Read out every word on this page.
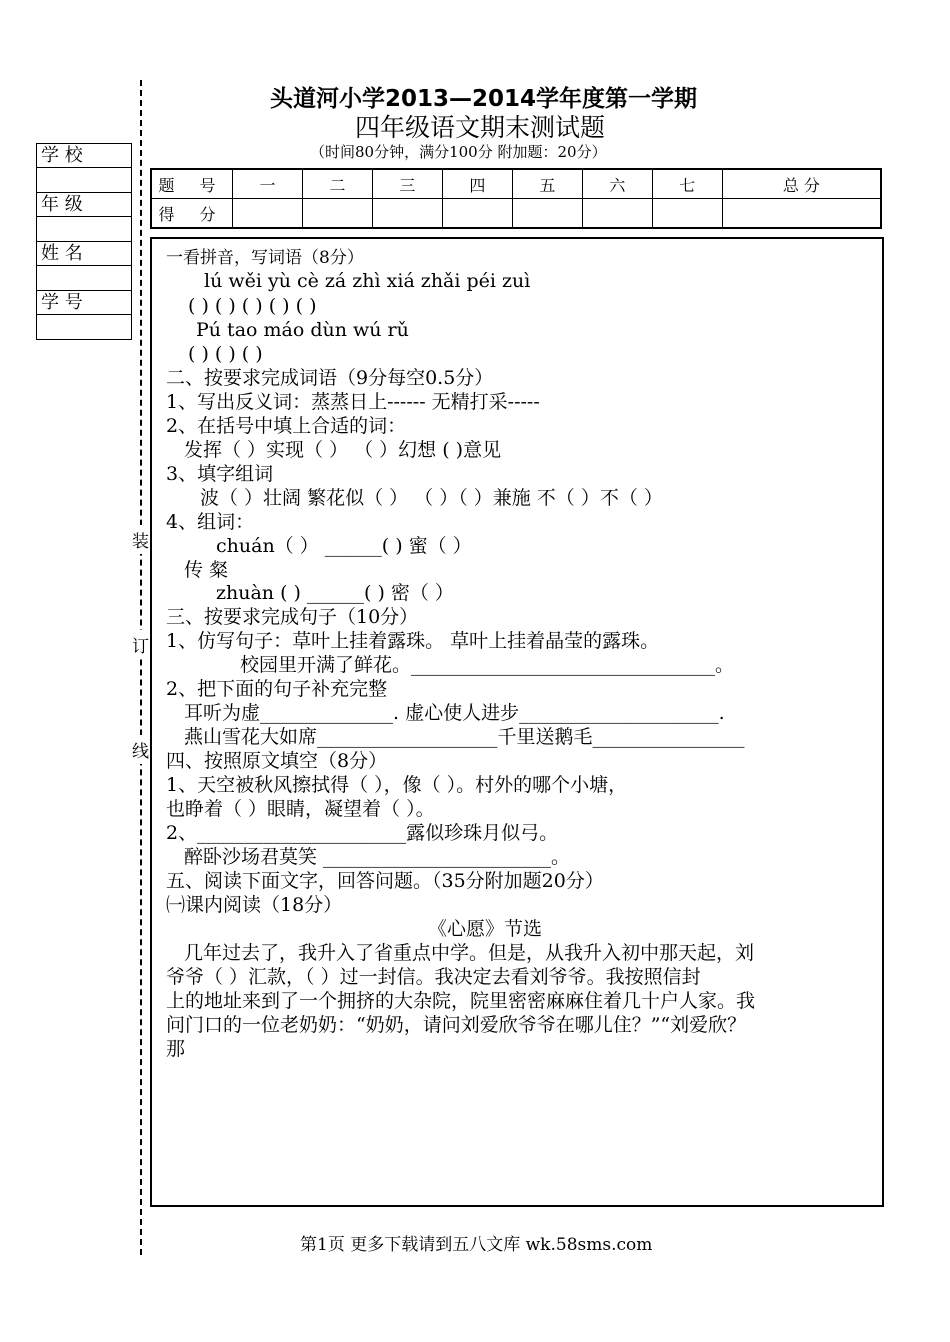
头道河小学2013—2014学年度第一学期
四年级语文期末测试题
（时间80分钟，满分100分 附加题：20分）
学 校
年 级
姓 名
学 号
装
订
线
题 号	一	二	三	四	五	六	七	总 分
得 分								
一看拼音，写词语（8分）
lú wěi yù cè zá zhì xiá zhǎi péi zuì
( ) ( ) ( ) ( ) ( )
Pú tao máo dùn wú rǔ
( ) ( ) ( )
二、按要求完成词语（9分每空0.5分）
1、写出反义词：蒸蒸日上------ 无精打采-----
2、在括号中填上合适的词：
发挥（ ）实现（ ） （ ）幻想 ( )意见
3、填字组词
波（ ）壮阔 繁花似（ ） （ ）（ ）兼施 不（ ）不（ ）
4、组词：
chuán（ ） ______( ) 蜜（ ）
传 粲
zhuàn ( ) ______( ) 密（ ）
三、按要求完成句子（10分）
1、仿写句子：草叶上挂着露珠。 草叶上挂着晶莹的露珠。
校园里开满了鲜花。________________________________。
2、把下面的句子补充完整
耳听为虚______________. 虚心使人进步_____________________.
燕山雪花大如席___________________千里送鹅毛________________
四、按照原文填空（8分）
1、天空被秋风擦拭得（ ），像（ ）。村外的哪个小塘，
也睁着（ ）眼睛，凝望着（ ）。
2、______________________露似珍珠月似弓。
醉卧沙场君莫笑 ________________________。
五、阅读下面文字，回答问题。（35分附加题20分）
㈠课内阅读（18分）
《心愿》节选
几年过去了，我升入了省重点中学。但是，从我升入初中那天起，刘
爷爷（ ）汇款，（ ）过一封信。我决定去看刘爷爷。我按照信封
上的地址来到了一个拥挤的大杂院，院里密密麻麻住着几十户人家。我
问门口的一位老奶奶：“奶奶，请问刘爱欣爷爷在哪儿住？”“刘爱欣？
那
第1页 更多下载请到五八文库 wk.58sms.com
